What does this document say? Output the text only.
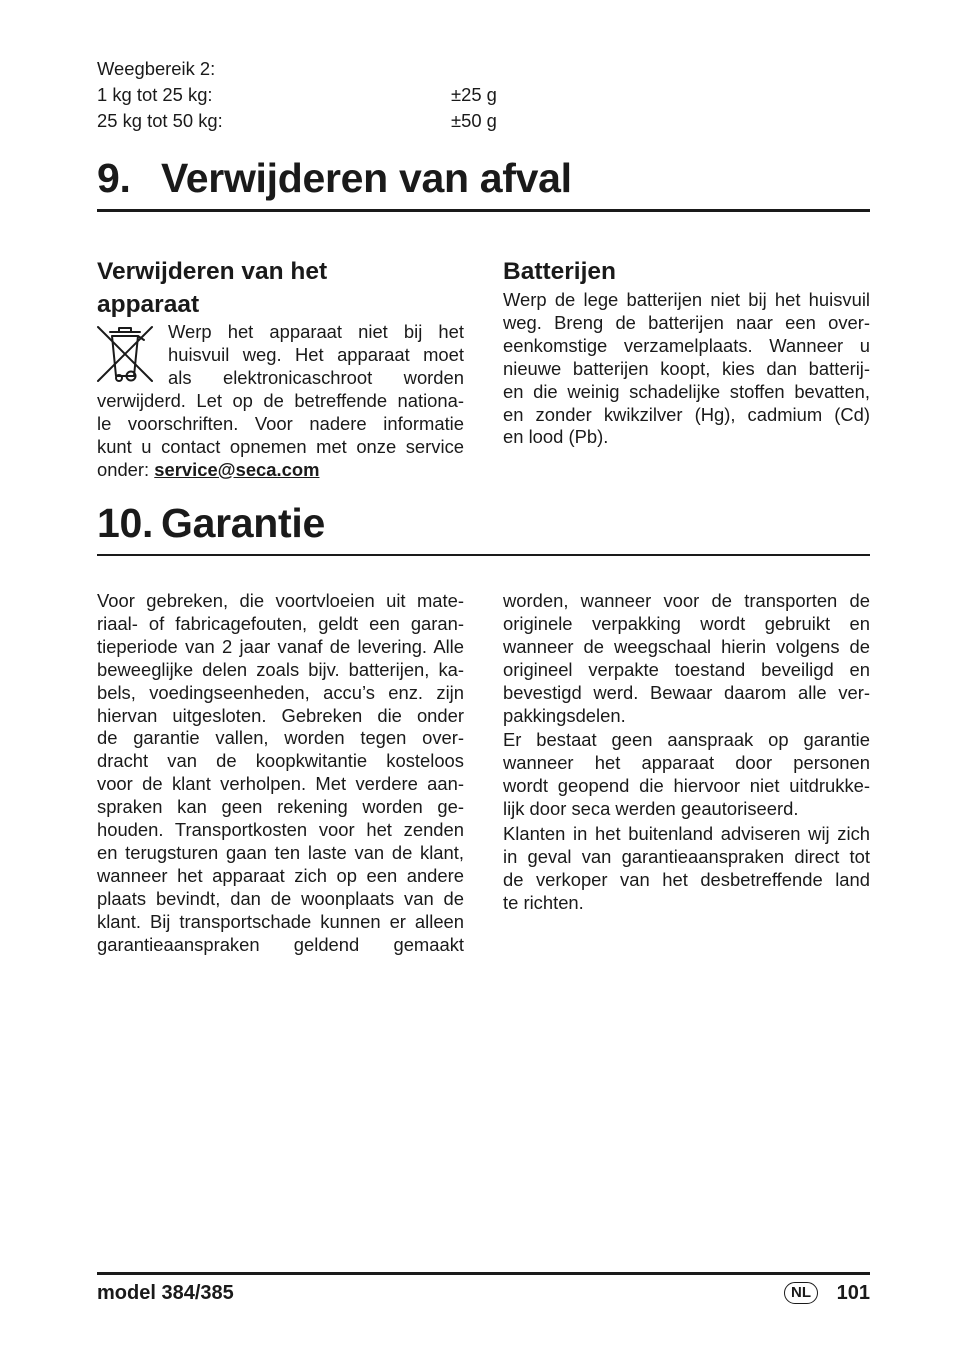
Weegbereik 2:
1 kg tot 25 kg:	±25 g
25 kg tot 50 kg:	±50 g
9. Verwijderen van afval
Verwijderen van het
apparaat
Werp het apparaat niet bij het
huisvuil weg. Het apparaat moet
als elektronicaschroot worden
verwijderd. Let op de betreffende nationa-
le voorschriften. Voor nadere informatie
kunt u contact opnemen met onze service
onder: service@seca.com
Batterijen
Werp de lege batterijen niet bij het huisvuil
weg. Breng de batterijen naar een over-
eenkomstige verzamelplaats. Wanneer u
nieuwe batterijen koopt, kies dan batterij-
en die weinig schadelijke stoffen bevatten,
en zonder kwikzilver (Hg), cadmium (Cd)
en lood (Pb).
10. Garantie
Voor gebreken, die voortvloeien uit mate-
riaal- of fabricagefouten, geldt een garan-
tieperiode van 2 jaar vanaf de levering. Alle
beweeglijke delen zoals bijv. batterijen, ka-
bels, voedingseenheden, accu’s enz. zijn
hiervan uitgesloten. Gebreken die onder
de garantie vallen, worden tegen over-
dracht van de koopkwitantie kosteloos
voor de klant verholpen. Met verdere aan-
spraken kan geen rekening worden ge-
houden. Transportkosten voor het zenden
en terugsturen gaan ten laste van de klant,
wanneer het apparaat zich op een andere
plaats bevindt, dan de woonplaats van de
klant. Bij transportschade kunnen er alleen
garantieaanspraken geldend gemaakt
worden, wanneer voor de transporten de
originele verpakking wordt gebruikt en
wanneer de weegschaal hierin volgens de
origineel verpakte toestand beveiligd en
bevestigd werd. Bewaar daarom alle ver-
pakkingsdelen.
Er bestaat geen aanspraak op garantie
wanneer het apparaat door personen
wordt geopend die hiervoor niet uitdrukke-
lijk door seca werden geautoriseerd.
Klanten in het buitenland adviseren wij zich
in geval van garantieaanspraken direct tot
de verkoper van het desbetreffende land
te richten.
model 384/385	NL	101
